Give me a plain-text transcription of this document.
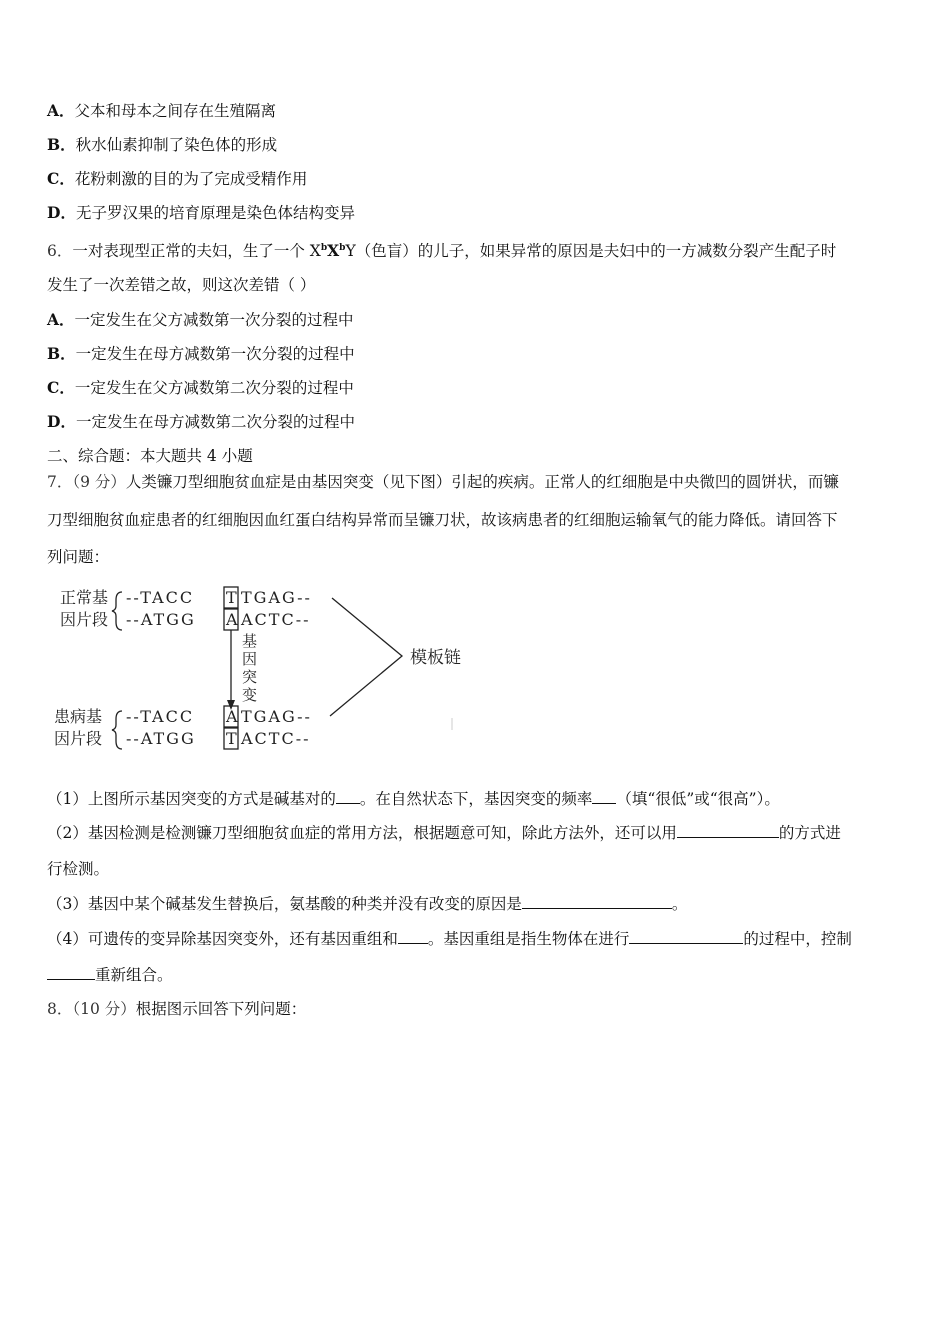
A．父本和母本之间存在生殖隔离
B．秋水仙素抑制了染色体的形成
C．花粉刺激的目的为了完成受精作用
D．无子罗汉果的培育原理是染色体结构变异
6．一对表现型正常的夫妇，生了一个 $X^bX^bY$（色盲）的儿子，如果异常的原因是夫妇中的一方减数分裂产生配子时
发生了一次差错之故，则这次差错（ ）
A．一定发生在父方减数第一次分裂的过程中
B．一定发生在母方减数第一次分裂的过程中
C．一定发生在父方减数第二次分裂的过程中
D．一定发生在母方减数第二次分裂的过程中
二、综合题：本大题共 4 小题
7．（9 分）人类镰刀型细胞贫血症是由基因突变（见下图）引起的疾病。正常人的红细胞是中央微凹的圆饼状，而镰
刀型细胞贫血症患者的红细胞因血红蛋白结构异常而呈镰刀状，故该病患者的红细胞运输氧气的能力降低。请回答下
列问题：
正常基
因片段
--TACC T TGAG--
--ATGG A ACTC--
基
因
突
变
模板链
患病基
因片段
--TACC A TGAG--
--ATGG T ACTC--
（1）上图所示基因突变的方式是碱基对的 。在自然状态下，基因突变的频率 （填“很低”或“很高”）。
（2）基因检测是检测镰刀型细胞贫血症的常用方法，根据题意可知，除此方法外，还可以用	的方式进
行检测。
（3）基因中某个碱基发生替换后，氨基酸的种类并没有改变的原因是	。
（4）可遗传的变异除基因突变外，还有基因重组和 。基因重组是指生物体在进行	的过程中，控制
重新组合。
8．（10 分）根据图示回答下列问题：
